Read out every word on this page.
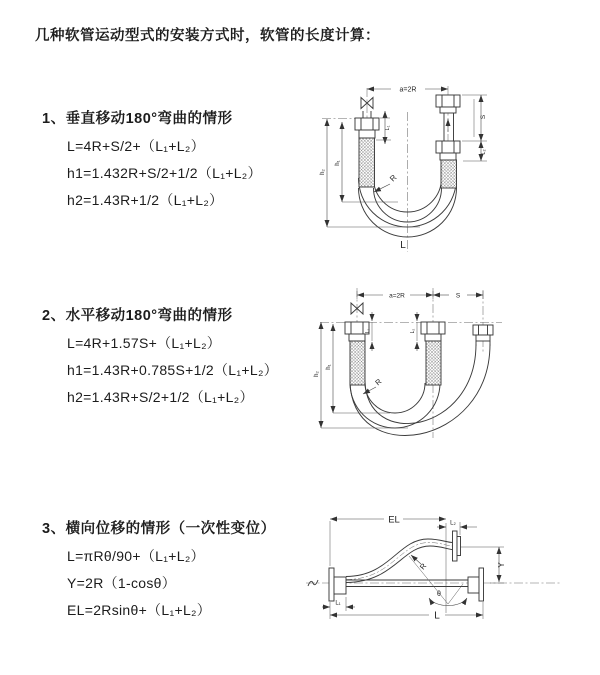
几种软管运动型式的安装方式时，软管的长度计算：
1、垂直移动180°弯曲的情形
L=4R+S/2+（L₁+L₂）
h1=1.432R+S/2+1/2（L₁+L₂）
h2=1.43R+1/2（L₁+L₂）
2、水平移动180°弯曲的情形
L=4R+1.57S+（L₁+L₂）
h1=1.43R+0.785S+1/2（L₁+L₂）
h2=1.43R+S/2+1/2（L₁+L₂）
3、横向位移的情形（一次性变位）
L=πRθ/90+（L₁+L₂）
Y=2R（1-cosθ）
EL=2Rsinθ+（L₁+L₂）
a=2R
L₁
S
L₂
h₁
h₂
R
L
a=2R	S
L₁	L₂
h₁
h₂
R
EL	L₂
Y
L
L₁
θ
R
